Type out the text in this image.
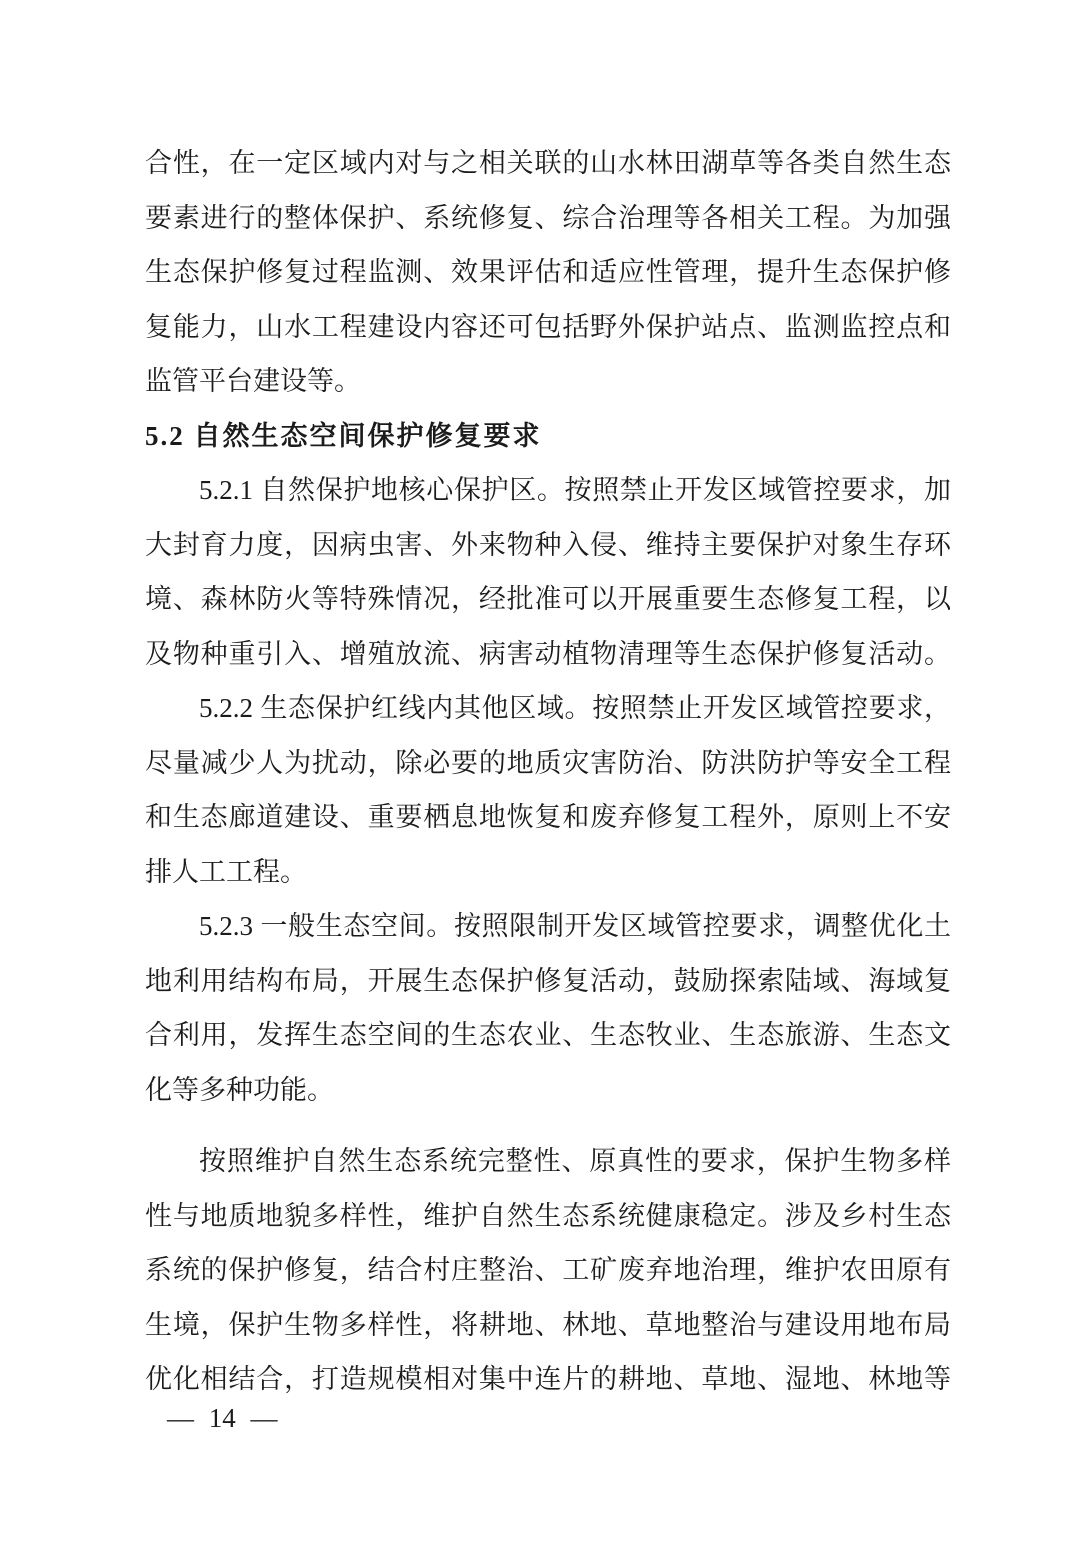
合性，在一定区域内对与之相关联的山水林田湖草等各类自然生态
要素进行的整体保护、系统修复、综合治理等各相关工程。为加强
生态保护修复过程监测、效果评估和适应性管理，提升生态保护修
复能力，山水工程建设内容还可包括野外保护站点、监测监控点和
监管平台建设等。
5.2 自然生态空间保护修复要求
5.2.1 自然保护地核心保护区。按照禁止开发区域管控要求，加
大封育力度，因病虫害、外来物种入侵、维持主要保护对象生存环
境、森林防火等特殊情况，经批准可以开展重要生态修复工程，以
及物种重引入、增殖放流、病害动植物清理等生态保护修复活动。
5.2.2 生态保护红线内其他区域。按照禁止开发区域管控要求，
尽量减少人为扰动，除必要的地质灾害防治、防洪防护等安全工程
和生态廊道建设、重要栖息地恢复和废弃修复工程外，原则上不安
排人工工程。
5.2.3 一般生态空间。按照限制开发区域管控要求，调整优化土
地利用结构布局，开展生态保护修复活动，鼓励探索陆域、海域复
合利用，发挥生态空间的生态农业、生态牧业、生态旅游、生态文
化等多种功能。
按照维护自然生态系统完整性、原真性的要求，保护生物多样
性与地质地貌多样性，维护自然生态系统健康稳定。涉及乡村生态
系统的保护修复，结合村庄整治、工矿废弃地治理，维护农田原有
生境，保护生物多样性，将耕地、林地、草地整治与建设用地布局
优化相结合，打造规模相对集中连片的耕地、草地、湿地、林地等
— 14 —
